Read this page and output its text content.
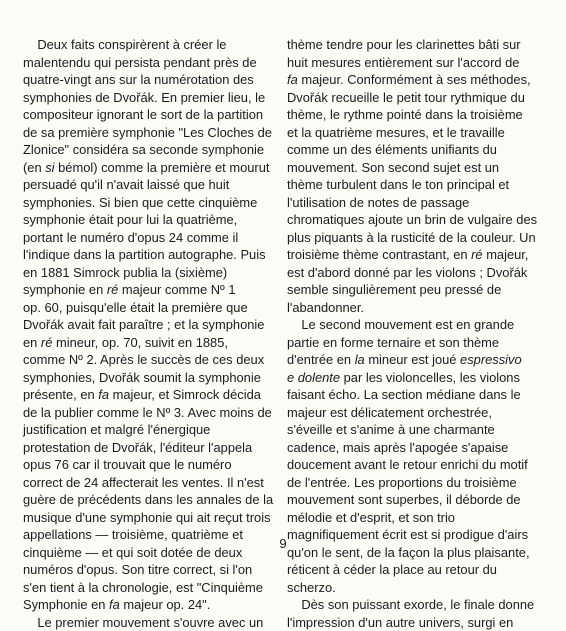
Deux faits conspirèrent à créer le
malentendu qui persista pendant près de
quatre-vingt ans sur la numérotation des
symphonies de Dvořák. En premier lieu, le
compositeur ignorant le sort de la partition
de sa première symphonie "Les Cloches de
Zlonice" considéra sa seconde symphonie
(en si bémol) comme la première et mourut
persuadé qu'il n'avait laissé que huit
symphonies. Si bien que cette cinquième
symphonie était pour lui la quatrième,
portant le numéro d'opus 24 comme il
l'indique dans la partition autographe. Puis
en 1881 Simrock publia la (sixième)
symphonie en ré majeur comme Nº 1
op. 60, puisqu'elle était la première que
Dvořák avait fait paraître ; et la symphonie
en ré mineur, op. 70, suivit en 1885,
comme Nº 2. Après le succès de ces deux
symphonies, Dvořák soumit la symphonie
présente, en fa majeur, et Simrock décida
de la publier comme le Nº 3. Avec moins de
justification et malgré l'énergique
protestation de Dvořák, l'éditeur l'appela
opus 76 car il trouvait que le numéro
correct de 24 affecterait les ventes. Il n'est
guère de précédents dans les annales de la
musique d'une symphonie qui ait reçut trois
appellations — troisième, quatrième et
cinquième — et qui soit dotée de deux
numéros d'opus. Son titre correct, si l'on
s'en tient à la chronologie, est "Cinquième
Symphonie en fa majeur op. 24".
Le premier mouvement s'ouvre avec un
thème tendre pour les clarinettes bâti sur
huit mesures entièrement sur l'accord de
fa majeur. Conformément à ses méthodes,
Dvořák recueille le petit tour rythmique du
thème, le rythme pointé dans la troisième
et la quatrième mesures, et le travaille
comme un des éléments unifiants du
mouvement. Son second sujet est un
thème turbulent dans le ton principal et
l'utilisation de notes de passage
chromatiques ajoute un brin de vulgaire des
plus piquants à la rusticité de la couleur. Un
troisième thème contrastant, en ré majeur,
est d'abord donné par les violons ; Dvořák
semble singulièrement peu pressé de
l'abandonner.
Le second mouvement est en grande
partie en forme ternaire et son thème
d'entrée en la mineur est joué espressivo
e dolente par les violoncelles, les violons
faisant écho. La section médiane dans le
majeur est délicatement orchestrée,
s'éveille et s'anime à une charmante
cadence, mais après l'apogée s'apaise
doucement avant le retour enrichi du motif
de l'entrée. Les proportions du troisième
mouvement sont superbes, il déborde de
mélodie et d'esprit, et son trio
magnifiquement écrit est si prodigue d'airs
qu'on le sent, de la façon la plus plaisante,
réticent à céder la place au retour du
scherzo.
Dès son puissant exorde, le finale donne
l'impression d'un autre univers, surgi en
9
